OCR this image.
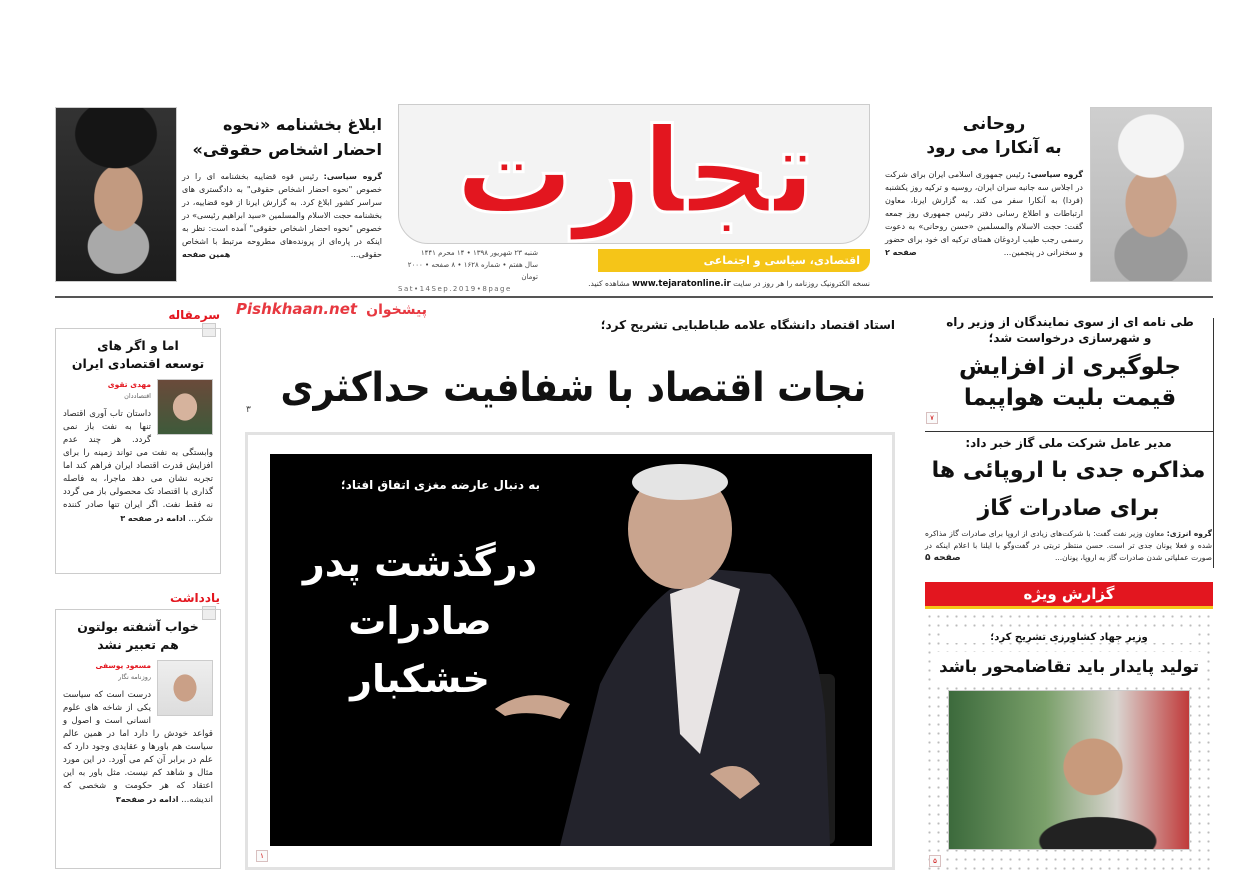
تجارت
اقتصادی، سیاسی و اجتماعی
شنبه ۲۳ شهریور ۱۳۹۸ • ۱۴ محرم ۱۴۴۱
سال هفتم • شماره ۱۶۲۸ • ۸ صفحه • ۲۰۰۰ تومان
Sat•14Sep.2019•8page
نسخه الکترونیک روزنامه را هر روز در سایت www.tejaratonline.ir مشاهده کنید.
Pishkhaan.net پیشخوان
روحانی
به آنکارا می رود
گروه سیاسی: رئیس جمهوری اسلامی ایران برای شرکت در اجلاس سه جانبه سران ایران، روسیه و ترکیه روز یکشنبه (فردا) به آنکارا سفر می کند. به گزارش ایرنا، معاون ارتباطات و اطلاع رسانی دفتر رئیس جمهوری روز جمعه گفت: حجت الاسلام والمسلمین «حسن روحانی» به دعوت رسمی رجب طیب اردوغان همتای ترکیه ای خود برای حضور و سخنرانی در پنجمین...
صفحه ۲
ابلاغ بخشنامه «نحوه
احضار اشخاص حقوقی»
گروه سیاسی: رئیس قوه قضاییه بخشنامه ای را در خصوص "نحوه احضار اشخاص حقوقی" به دادگستری های سراسر کشور ابلاغ کرد. به گزارش ایرنا از قوه قضاییه، در بخشنامه حجت الاسلام والمسلمین «سید ابراهیم رئیسی» در خصوص "نحوه احضار اشخاص حقوقی" آمده است: نظر به اینکه در پاره‌ای از پرونده‌های مطروحه مرتبط با اشخاص حقوقی...
همین صفحه
سرمقاله
اما و اگر های
توسعه اقتصادی ایران
مهدی تقوی
اقتصاددان
داستان تاب آوری اقتصاد تنها به نفت باز نمی گردد. هر چند عدم وابستگی به نفت می تواند زمینه را برای افزایش قدرت اقتصاد ایران فراهم کند اما تجربه نشان می دهد ماجرا، به فاصله گذاری با اقتصاد تک محصولی باز می گردد نه فقط نفت. اگر ایران تنها صادر کننده شکر... ادامه در صفحه ۳
یادداشت
خواب آشفته بولتون
هم تعبیر نشد
مسعود یوسفی
روزنامه نگار
درست است که سیاست یکی از شاخه های علوم انسانی است و اصول و قواعد خودش را دارد اما در همین عالم سیاست هم باورها و عقایدی وجود دارد که علم در برابر آن کم می آورد. در این مورد مثال و شاهد کم نیست. مثل باور به این اعتقاد که هر حکومت و شخصی که اندیشه... ادامه در صفحه۳
استاد اقتصاد دانشگاه علامه طباطبایی تشریح کرد؛
نجات اقتصاد با شفافیت حداکثری
۳
به دنبال عارضه مغزی اتفاق افتاد؛
درگذشت پدر
صادرات خشکبار
۱
طی نامه ای از سوی نمایندگان از وزیر راه و شهرسازی درخواست شد؛
جلوگیری از افزایش
قیمت بلیت هواپیما
۷
مدیر عامل شرکت ملی گاز خبر داد:
مذاکره جدی با اروپائی ها
برای صادرات گاز
گروه انرژی: معاون وزیر نفت گفت: با شرکت‌های زیادی از اروپا برای صادرات گاز مذاکره شده و فعلا یونان جدی تر است. حسن منتظر تربتی در گفت‌وگو با ایلنا با اعلام اینکه در صورت عملیاتی شدن صادرات گاز به اروپا، یونان...
صفحه ۵
گزارش ویژه
وزیر جهاد کشاورزی تشریح کرد؛
تولید پایدار باید تقاضامحور باشد
۵
